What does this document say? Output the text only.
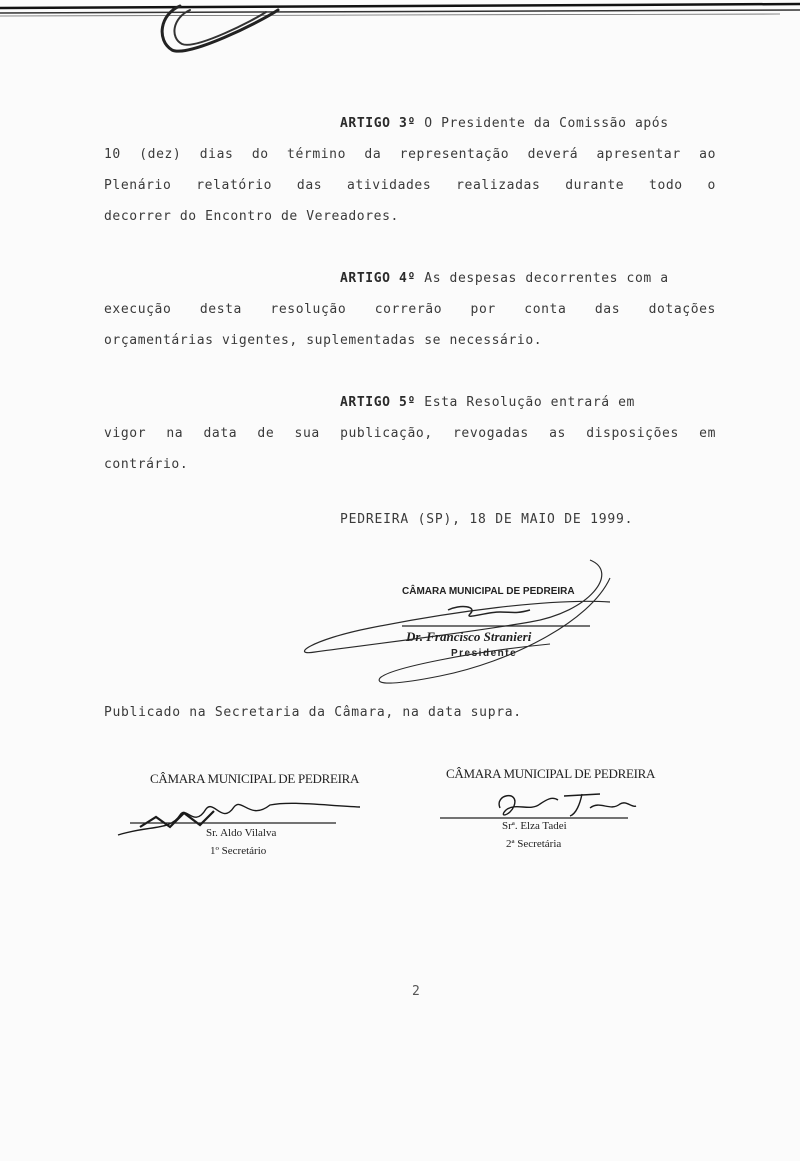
ARTIGO 3º O Presidente da Comissão após
10 (dez) dias do término da representação deverá apresentar ao
Plenário relatório das atividades realizadas durante todo o
decorrer do Encontro de Vereadores.
ARTIGO 4º As despesas decorrentes com a
execução desta resolução correrão por conta das dotações
orçamentárias vigentes, suplementadas se necessário.
ARTIGO 5º Esta Resolução entrará em
vigor na data de sua publicação, revogadas as disposições em
contrário.
PEDREIRA (SP), 18 DE MAIO DE 1999.
CÂMARA MUNICIPAL DE PEDREIRA
Dr. Francisco Stranieri
Presidente
Publicado na Secretaria da Câmara, na data supra.
CÂMARA MUNICIPAL DE PEDREIRA
Sr. Aldo Vilalva
1º Secretário
CÂMARA MUNICIPAL DE PEDREIRA
Srª. Elza Tadei
2ª Secretária
2
